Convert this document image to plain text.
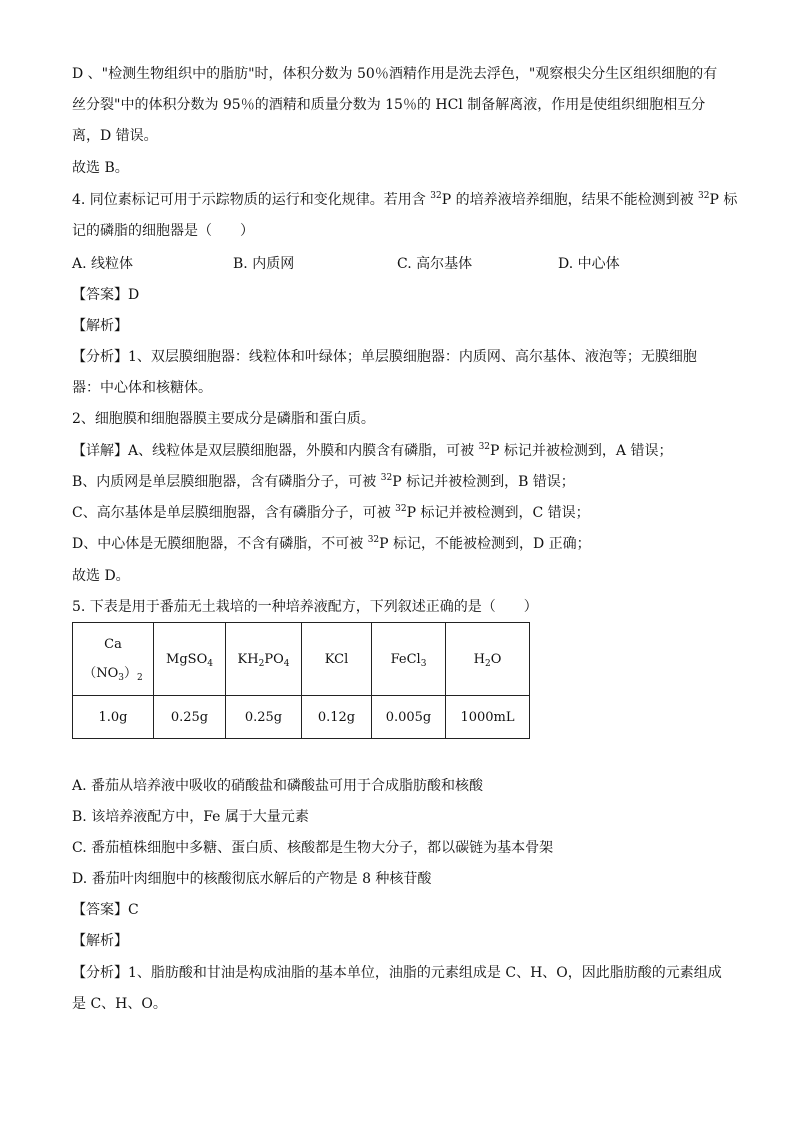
D 、"检测生物组织中的脂肪"时，体积分数为 50％酒精作用是洗去浮色，"观察根尖分生区组织细胞的有
丝分裂"中的体积分数为 95％的酒精和质量分数为 15％的 HCl 制备解离液，作用是使组织细胞相互分
离，D 错误。
故选 B。
4. 同位素标记可用于示踪物质的运行和变化规律。若用含 $^{32}$P 的培养液培养细胞，结果不能检测到被 $^{32}$P 标
记的磷脂的细胞器是（　　）
A. 线粒体	B. 内质网	C. 高尔基体	D. 中心体
【答案】D
【解析】
【分析】1、双层膜细胞器：线粒体和叶绿体；单层膜细胞器：内质网、高尔基体、液泡等；无膜细胞
器：中心体和核糖体。
2、细胞膜和细胞器膜主要成分是磷脂和蛋白质。
【详解】A、线粒体是双层膜细胞器，外膜和内膜含有磷脂，可被 $^{32}$P 标记并被检测到，A 错误；
B、内质网是单层膜细胞器，含有磷脂分子，可被 $^{32}$P 标记并被检测到，B 错误；
C、高尔基体是单层膜细胞器，含有磷脂分子，可被 $^{32}$P 标记并被检测到，C 错误；
D、中心体是无膜细胞器，不含有磷脂，不可被 $^{32}$P 标记，不能被检测到，D 正确；
故选 D。
5. 下表是用于番茄无土栽培的一种培养液配方，下列叙述正确的是（　　）
Ca
$(NO_3)_2$	MgSO$_4$	$KH_2PO_4$	KCl	FeCl$_3$	$H_2O$
1.0g	0.25g	0.25g	0.12g	0.005g	1000mL
A. 番茄从培养液中吸收的硝酸盐和磷酸盐可用于合成脂肪酸和核酸
B. 该培养液配方中，Fe 属于大量元素
C. 番茄植株细胞中多糖、蛋白质、核酸都是生物大分子，都以碳链为基本骨架
D. 番茄叶肉细胞中的核酸彻底水解后的产物是 8 种核苷酸
【答案】C
【解析】
【分析】1、脂肪酸和甘油是构成油脂的基本单位，油脂的元素组成是 C、H、O，因此脂肪酸的元素组成
是 C、H、O。
